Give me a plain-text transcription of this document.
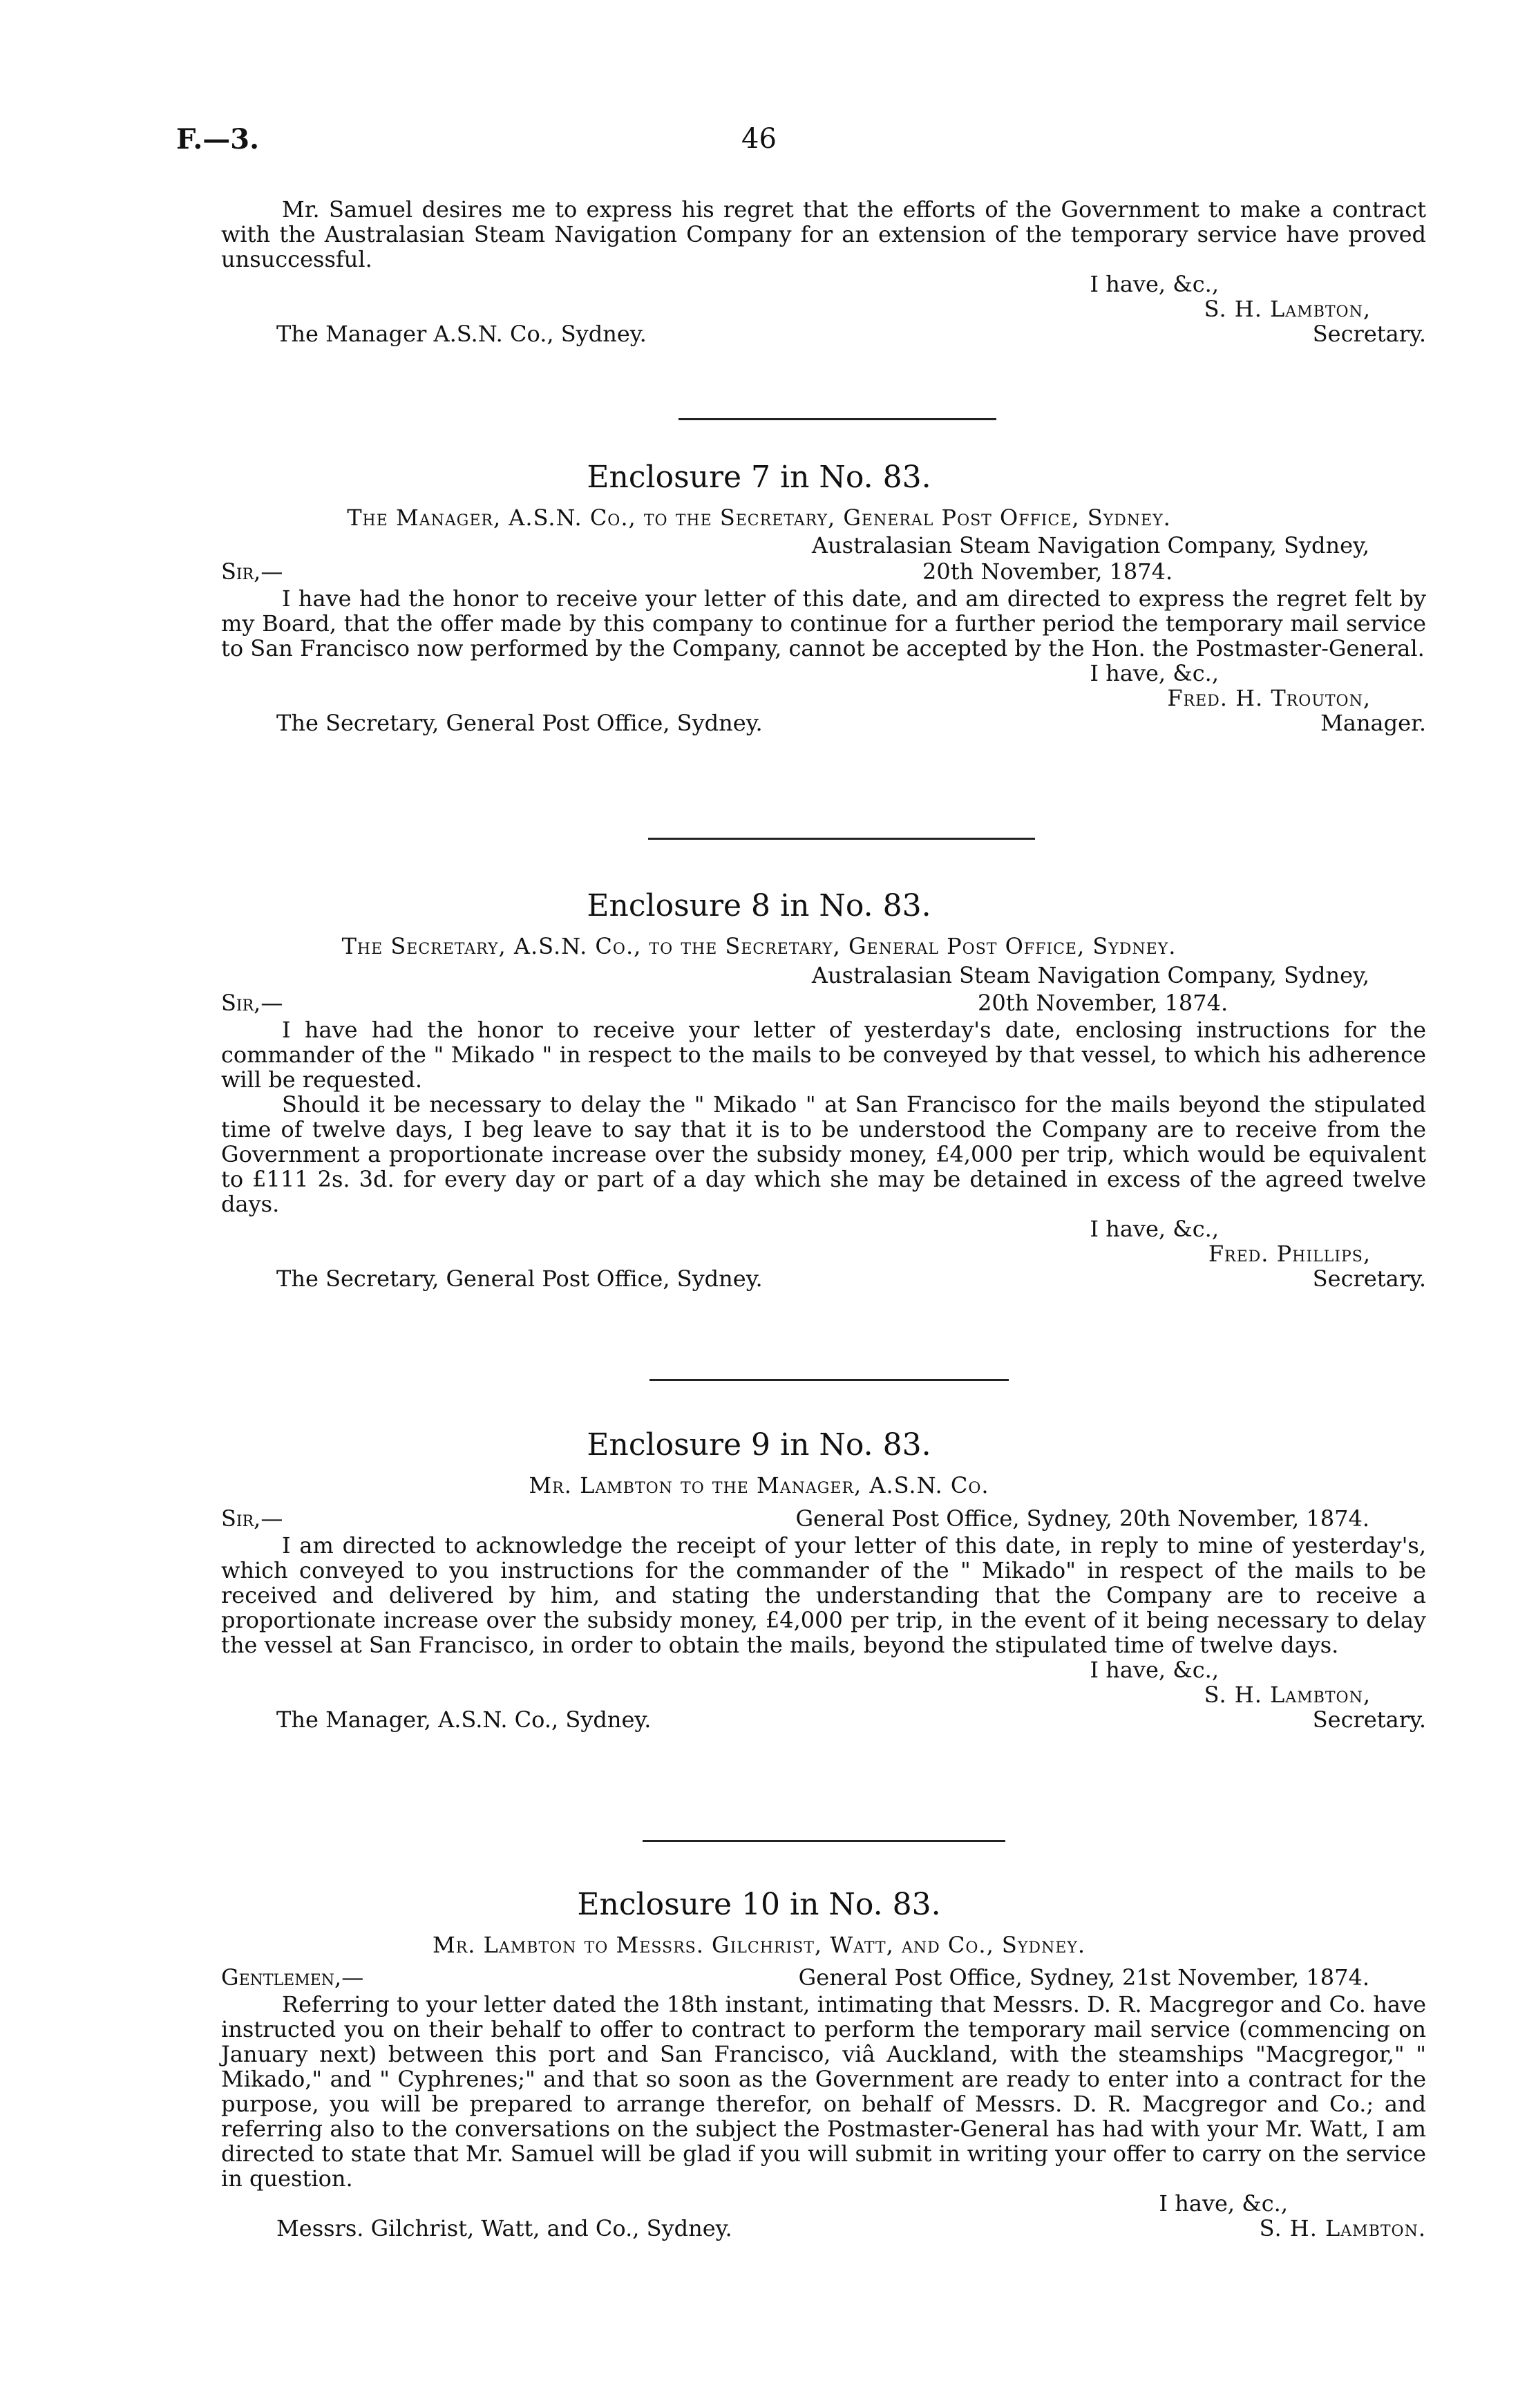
F.—3.	46

Mr. Samuel desires me to express his regret that the efforts of the Government to make a contract with the Australasian Steam Navigation Company for an extension of the temporary service have proved unsuccessful.

I have, &c.,
S. H. Lambton,
The Manager A.S.N. Co., Sydney.	Secretary.
Enclosure 7 in No. 83.
The Manager, A.S.N. Co., to the Secretary, General Post Office, Sydney.
Australasian Steam Navigation Company, Sydney,
Sir,—	20th November, 1874.

I have had the honor to receive your letter of this date, and am directed to express the regret felt by my Board, that the offer made by this company to continue for a further period the temporary mail service to San Francisco now performed by the Company, cannot be accepted by the Hon. the Postmaster-General.

I have, &c.,
Fred. H. Trouton,
The Secretary, General Post Office, Sydney.	Manager.
Enclosure 8 in No. 83.
The Secretary, A.S.N. Co., to the Secretary, General Post Office, Sydney.
Australasian Steam Navigation Company, Sydney,
Sir,—	20th November, 1874.

I have had the honor to receive your letter of yesterday's date, enclosing instructions for the commander of the " Mikado " in respect to the mails to be conveyed by that vessel, to which his adherence will be requested.

Should it be necessary to delay the " Mikado " at San Francisco for the mails beyond the stipulated time of twelve days, I beg leave to say that it is to be understood the Company are to receive from the Government a proportionate increase over the subsidy money, £4,000 per trip, which would be equivalent to £111 2s. 3d. for every day or part of a day which she may be detained in excess of the agreed twelve days.

I have, &c.,
Fred. Phillips,
The Secretary, General Post Office, Sydney.	Secretary.
Enclosure 9 in No. 83.
Mr. Lambton to the Manager, A.S.N. Co.
Sir,—	General Post Office, Sydney, 20th November, 1874.

I am directed to acknowledge the receipt of your letter of this date, in reply to mine of yesterday's, which conveyed to you instructions for the commander of the " Mikado" in respect of the mails to be received and delivered by him, and stating the understanding that the Company are to receive a proportionate increase over the subsidy money, £4,000 per trip, in the event of it being necessary to delay the vessel at San Francisco, in order to obtain the mails, beyond the stipulated time of twelve days.

I have, &c.,
S. H. Lambton,
The Manager, A.S.N. Co., Sydney.	Secretary.
Enclosure 10 in No. 83.
Mr. Lambton to Messrs. Gilchrist, Watt, and Co., Sydney.
Gentlemen,—	General Post Office, Sydney, 21st November, 1874.

Referring to your letter dated the 18th instant, intimating that Messrs. D. R. Macgregor and Co. have instructed you on their behalf to offer to contract to perform the temporary mail service (commencing on January next) between this port and San Francisco, viâ Auckland, with the steamships "Macgregor," " Mikado," and " Cyphrenes;" and that so soon as the Government are ready to enter into a contract for the purpose, you will be prepared to arrange therefor, on behalf of Messrs. D. R. Macgregor and Co.; and referring also to the conversations on the subject the Postmaster-General has had with your Mr. Watt, I am directed to state that Mr. Samuel will be glad if you will submit in writing your offer to carry on the service in question.

I have, &c.,
Messrs. Gilchrist, Watt, and Co., Sydney.	S. H. Lambton.
